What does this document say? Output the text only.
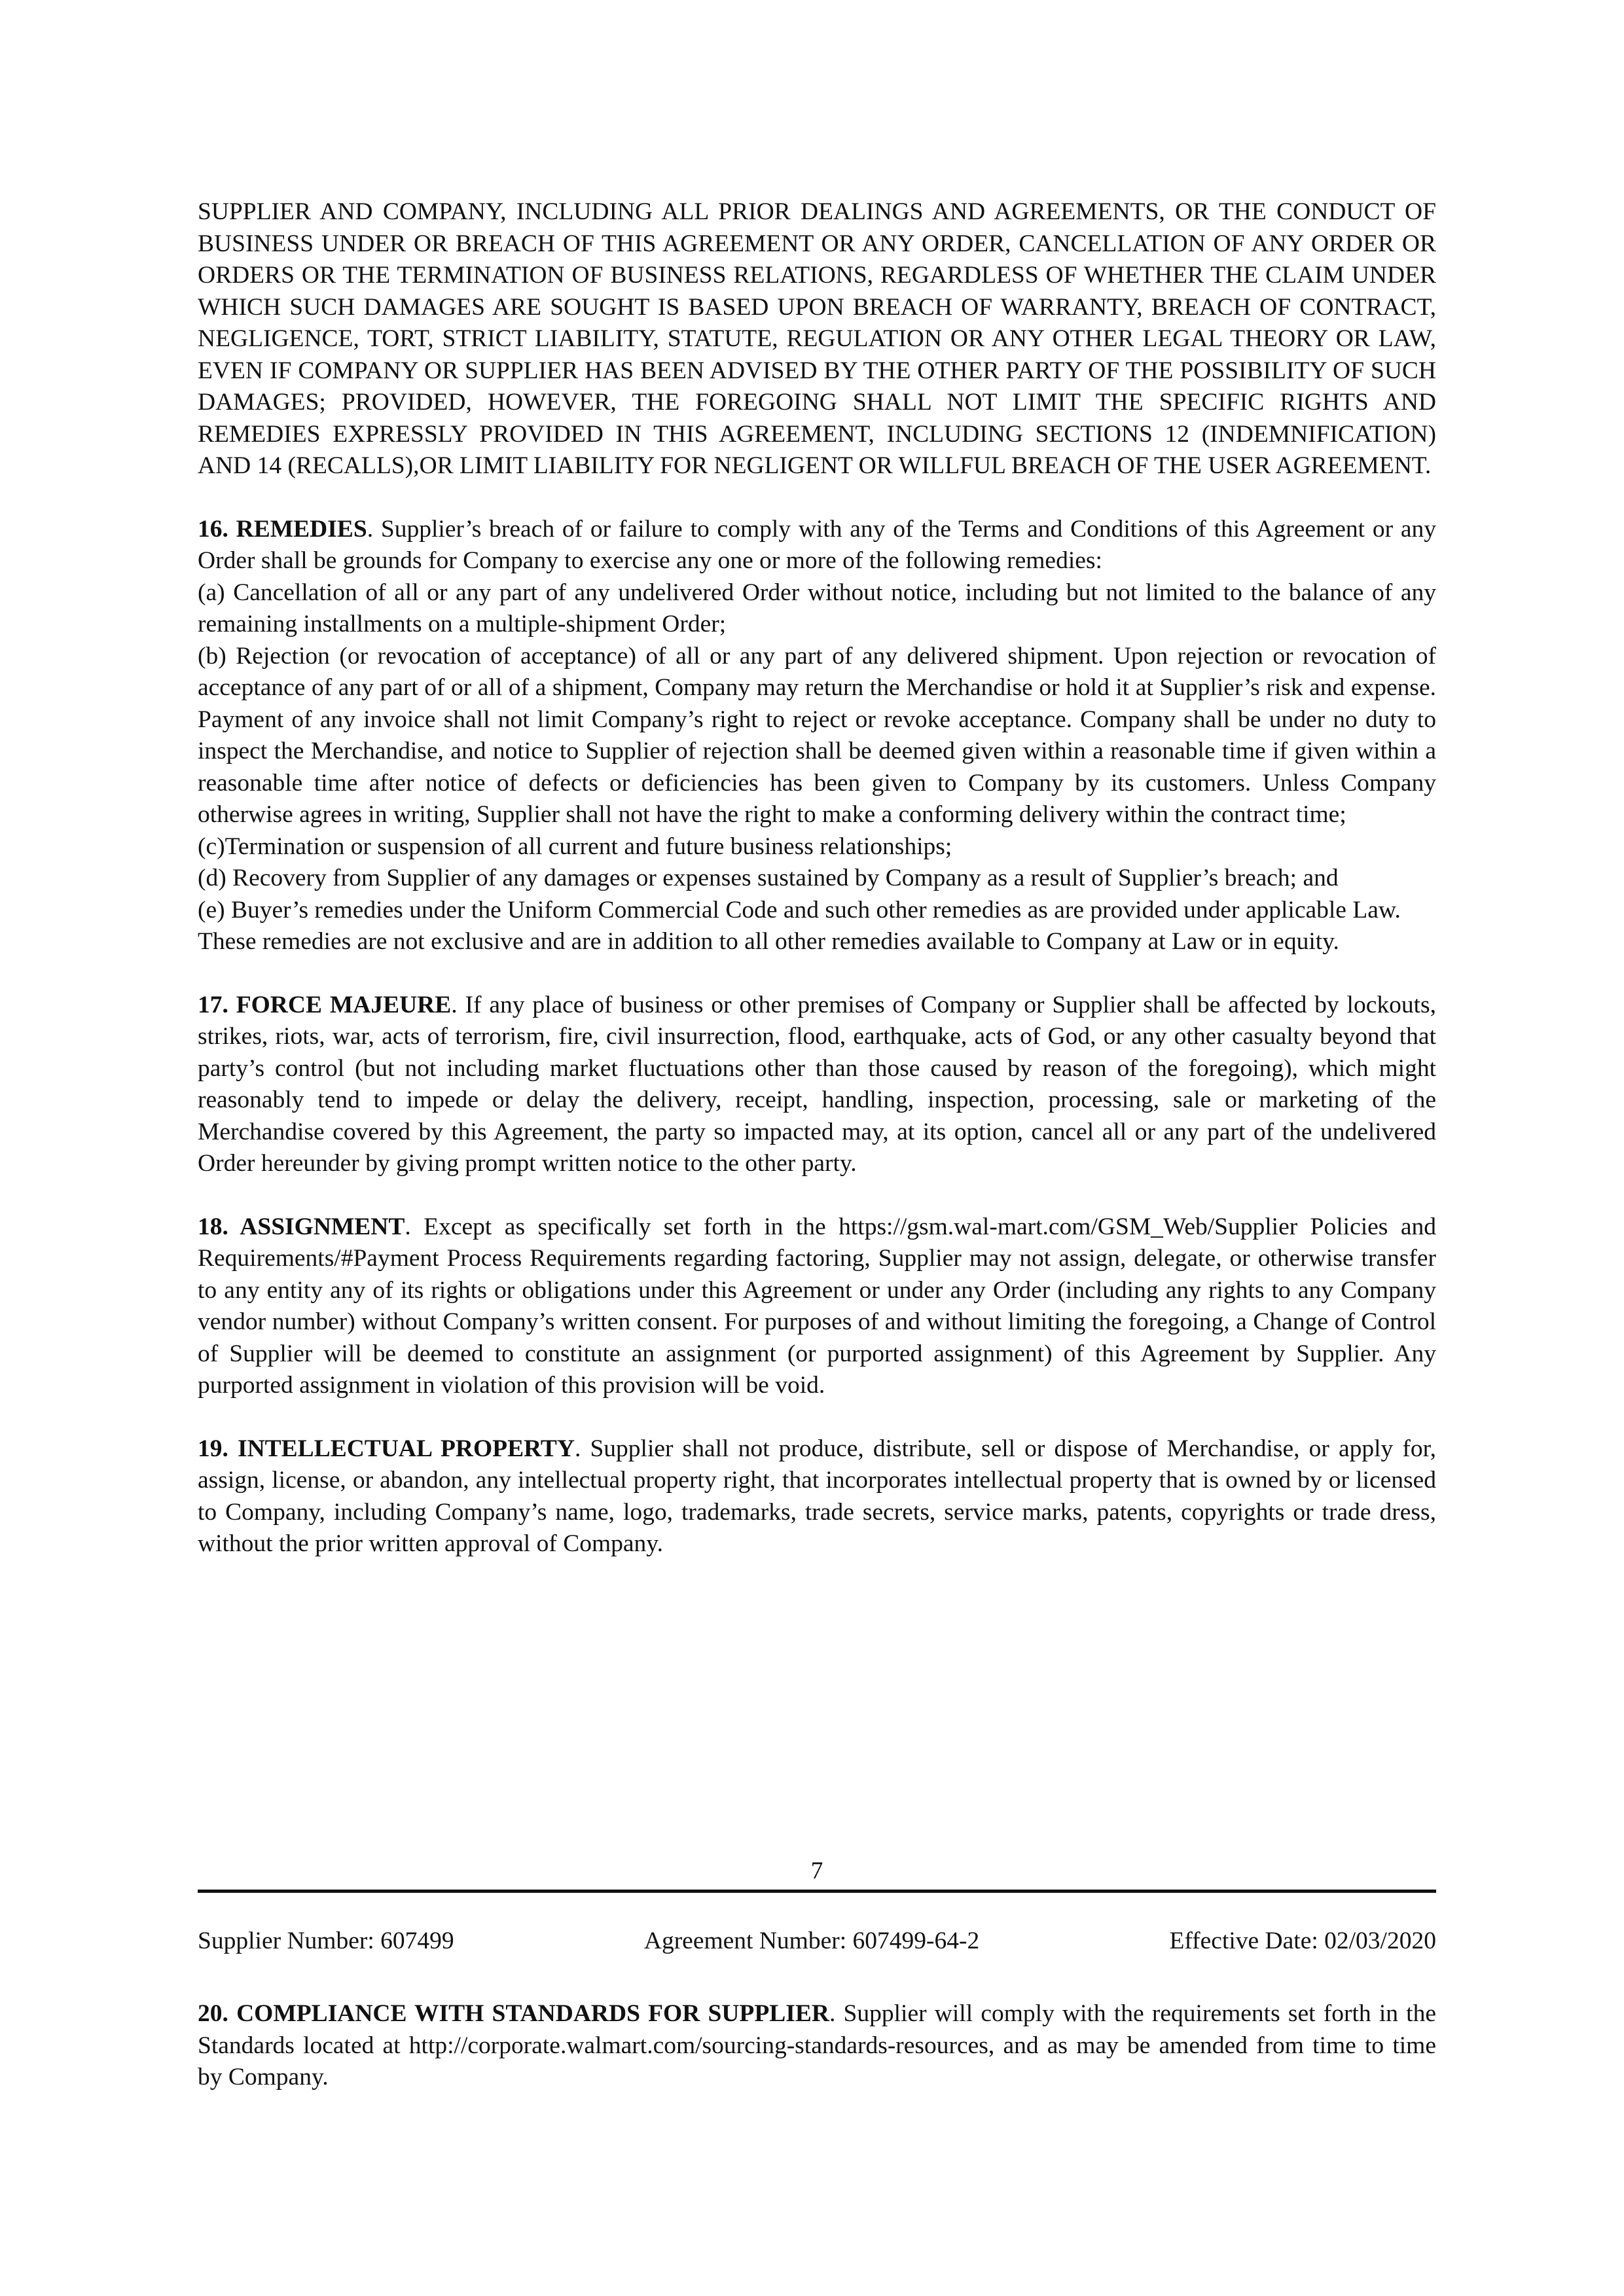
SUPPLIER AND COMPANY, INCLUDING ALL PRIOR DEALINGS AND AGREEMENTS, OR THE CONDUCT OF BUSINESS UNDER OR BREACH OF THIS AGREEMENT OR ANY ORDER, CANCELLATION OF ANY ORDER OR ORDERS OR THE TERMINATION OF BUSINESS RELATIONS, REGARDLESS OF WHETHER THE CLAIM UNDER WHICH SUCH DAMAGES ARE SOUGHT IS BASED UPON BREACH OF WARRANTY, BREACH OF CONTRACT, NEGLIGENCE, TORT, STRICT LIABILITY, STATUTE, REGULATION OR ANY OTHER LEGAL THEORY OR LAW, EVEN IF COMPANY OR SUPPLIER HAS BEEN ADVISED BY THE OTHER PARTY OF THE POSSIBILITY OF SUCH DAMAGES; PROVIDED, HOWEVER, THE FOREGOING SHALL NOT LIMIT THE SPECIFIC RIGHTS AND REMEDIES EXPRESSLY PROVIDED IN THIS AGREEMENT, INCLUDING SECTIONS 12 (INDEMNIFICATION) AND 14 (RECALLS),OR LIMIT LIABILITY FOR NEGLIGENT OR WILLFUL BREACH OF THE USER AGREEMENT.

16. REMEDIES. Supplier’s breach of or failure to comply with any of the Terms and Conditions of this Agreement or any Order shall be grounds for Company to exercise any one or more of the following remedies:

(a) Cancellation of all or any part of any undelivered Order without notice, including but not limited to the balance of any remaining installments on a multiple-shipment Order;

(b) Rejection (or revocation of acceptance) of all or any part of any delivered shipment. Upon rejection or revocation of acceptance of any part of or all of a shipment, Company may return the Merchandise or hold it at Supplier’s risk and expense. Payment of any invoice shall not limit Company’s right to reject or revoke acceptance. Company shall be under no duty to inspect the Merchandise, and notice to Supplier of rejection shall be deemed given within a reasonable time if given within a reasonable time after notice of defects or deficiencies has been given to Company by its customers. Unless Company otherwise agrees in writing, Supplier shall not have the right to make a conforming delivery within the contract time;

(c)Termination or suspension of all current and future business relationships;

(d) Recovery from Supplier of any damages or expenses sustained by Company as a result of Supplier’s breach; and

(e) Buyer’s remedies under the Uniform Commercial Code and such other remedies as are provided under applicable Law.

These remedies are not exclusive and are in addition to all other remedies available to Company at Law or in equity.

17. FORCE MAJEURE. If any place of business or other premises of Company or Supplier shall be affected by lockouts, strikes, riots, war, acts of terrorism, fire, civil insurrection, flood, earthquake, acts of God, or any other casualty beyond that party’s control (but not including market fluctuations other than those caused by reason of the foregoing), which might reasonably tend to impede or delay the delivery, receipt, handling, inspection, processing, sale or marketing of the Merchandise covered by this Agreement, the party so impacted may, at its option, cancel all or any part of the undelivered Order hereunder by giving prompt written notice to the other party.

18. ASSIGNMENT. Except as specifically set forth in the https://gsm.wal-mart.com/GSM_Web/Supplier Policies and Requirements/#Payment Process Requirements regarding factoring, Supplier may not assign, delegate, or otherwise transfer to any entity any of its rights or obligations under this Agreement or under any Order (including any rights to any Company vendor number) without Company’s written consent. For purposes of and without limiting the foregoing, a Change of Control of Supplier will be deemed to constitute an assignment (or purported assignment) of this Agreement by Supplier. Any purported assignment in violation of this provision will be void.

19. INTELLECTUAL PROPERTY. Supplier shall not produce, distribute, sell or dispose of Merchandise, or apply for, assign, license, or abandon, any intellectual property right, that incorporates intellectual property that is owned by or licensed to Company, including Company’s name, logo, trademarks, trade secrets, service marks, patents, copyrights or trade dress, without the prior written approval of Company.

7
Supplier Number: 607499	Agreement Number: 607499-64-2	Effective Date: 02/03/2020

20. COMPLIANCE WITH STANDARDS FOR SUPPLIER. Supplier will comply with the requirements set forth in the Standards located at http://corporate.walmart.com/sourcing-standards-resources, and as may be amended from time to time by Company.
